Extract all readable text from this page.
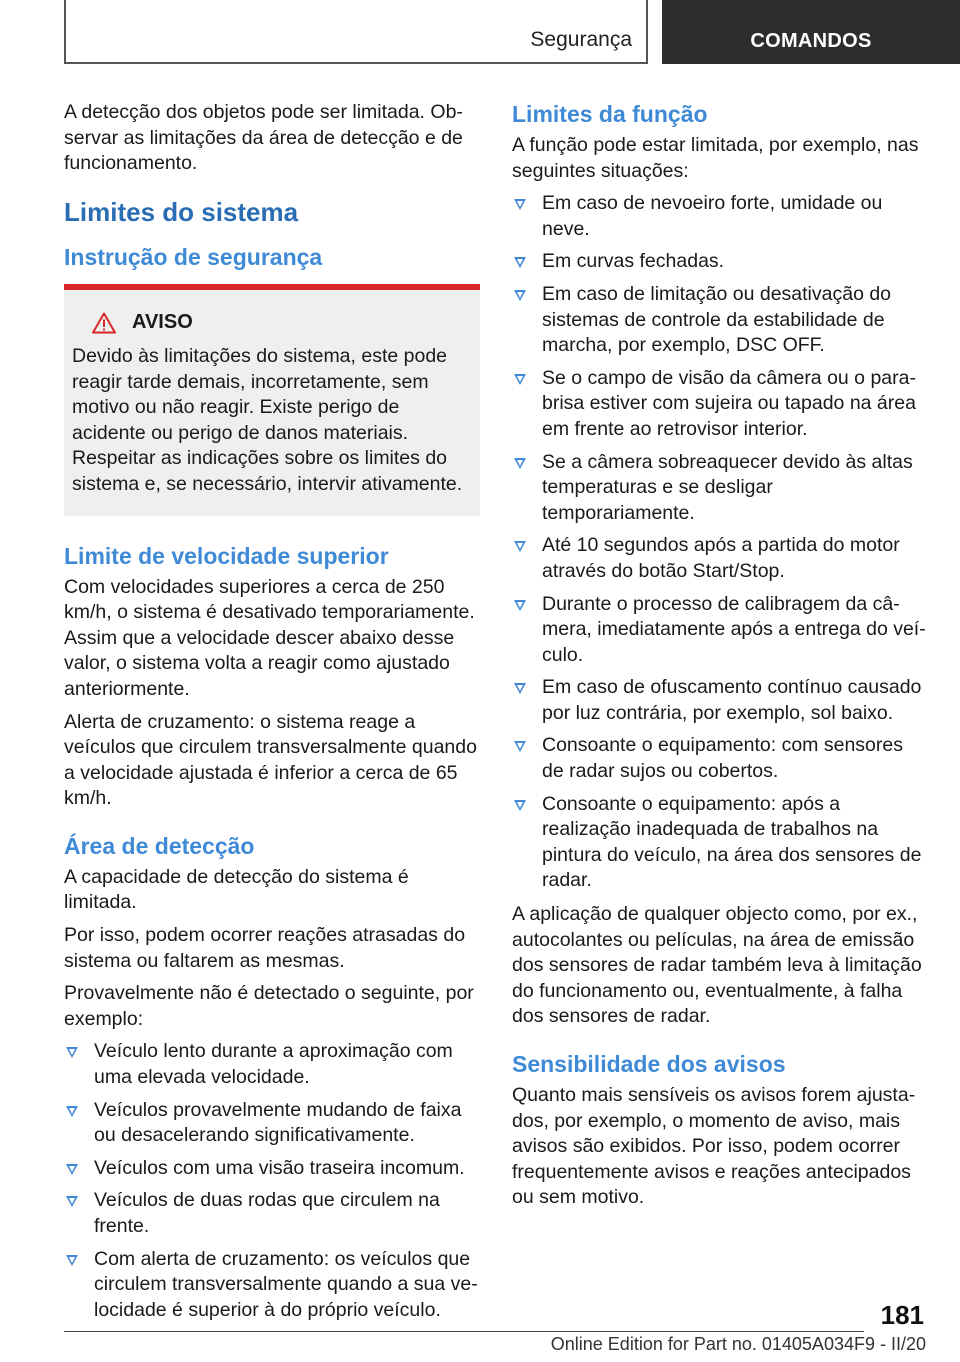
Segurança	COMANDOS

A detecção dos objetos pode ser limitada. Observar as limitações da área de detecção e de funcionamento.

Limites do sistema
Instrução de segurança
AVISO

Devido às limitações do sistema, este pode reagir tarde demais, incorretamente, sem motivo ou não reagir. Existe perigo de acidente ou perigo de danos materiais. Respeitar as indicações sobre os limites do sistema e, se necessário, intervir ativamente.

Limite de velocidade superior

Com velocidades superiores a cerca de 250 km/h, o sistema é desativado temporariamente. Assim que a velocidade descer abaixo desse valor, o sistema volta a reagir como ajustado anteriormente.

Alerta de cruzamento: o sistema reage a veículos que circulem transversalmente quando a velocidade ajustada é inferior a cerca de 65 km/h.

Área de detecção

A capacidade de detecção do sistema é limitada.

Por isso, podem ocorrer reações atrasadas do sistema ou faltarem as mesmas.

Provavelmente não é detectado o seguinte, por exemplo:

Veículo lento durante a aproximação com uma elevada velocidade.
Veículos provavelmente mudando de faixa ou desacelerando significativamente.
Veículos com uma visão traseira incomum.
Veículos de duas rodas que circulem na frente.
Com alerta de cruzamento: os veículos que circulem transversalmente quando a sua velocidade é superior à do próprio veículo.
Limites da função

A função pode estar limitada, por exemplo, nas seguintes situações:

Em caso de nevoeiro forte, umidade ou neve.
Em curvas fechadas.
Em caso de limitação ou desativação do sistemas de controle da estabilidade de marcha, por exemplo, DSC OFF.
Se o campo de visão da câmera ou o para-brisa estiver com sujeira ou tapado na área em frente ao retrovisor interior.
Se a câmera sobreaquecer devido às altas temperaturas e se desligar temporariamente.
Até 10 segundos após a partida do motor através do botão Start/Stop.
Durante o processo de calibragem da câmera, imediatamente após a entrega do veículo.
Em caso de ofuscamento contínuo causado por luz contrária, por exemplo, sol baixo.
Consoante o equipamento: com sensores de radar sujos ou cobertos.
Consoante o equipamento: após a realização inadequada de trabalhos na pintura do veículo, na área dos sensores de radar.

A aplicação de qualquer objecto como, por ex., autocolantes ou películas, na área de emissão dos sensores de radar também leva à limitação do funcionamento ou, eventualmente, à falha dos sensores de radar.

Sensibilidade dos avisos

Quanto mais sensíveis os avisos forem ajustados, por exemplo, o momento de aviso, mais avisos são exibidos. Por isso, podem ocorrer frequentemente avisos e reações antecipados ou sem motivo.

181
Online Edition for Part no. 01405A034F9 - II/20
